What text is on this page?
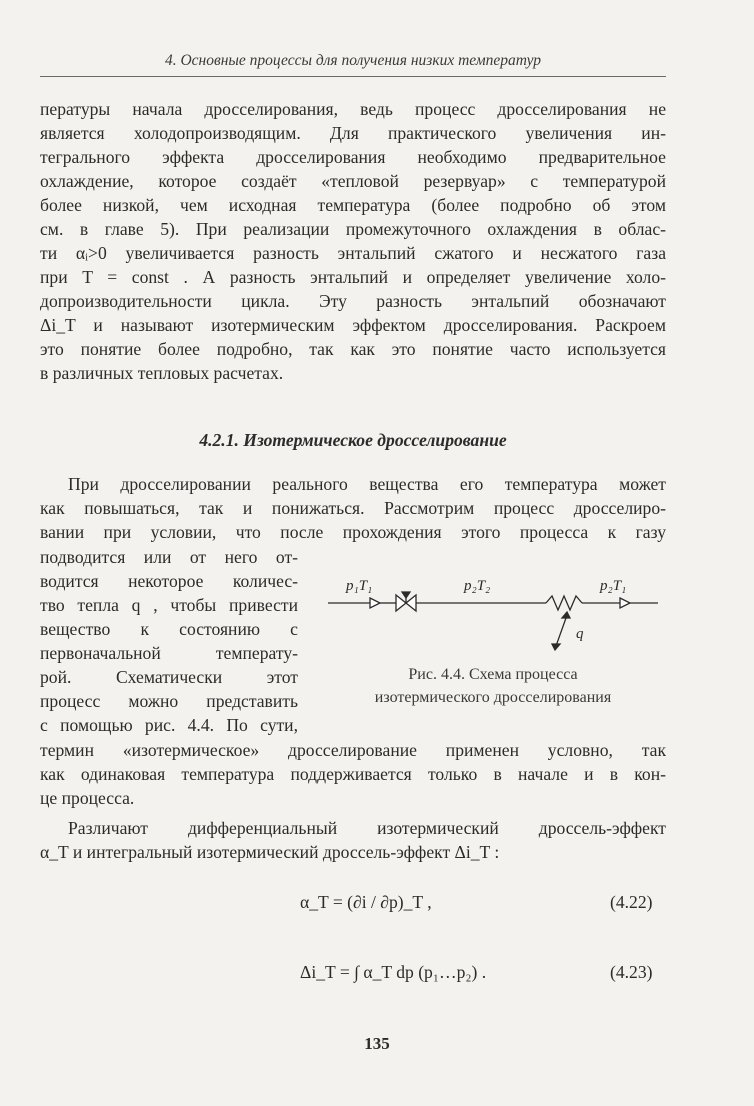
4. Основные процессы для получения низких температур
пературы начала дросселирования, ведь процесс дросселирования не
является холодопроизводящим. Для практического увеличения ин-
тегрального эффекта дросселирования необходимо предварительное
охлаждение, которое создаёт «тепловой резервуар» с температурой
более низкой, чем исходная температура (более подробно об этом
см. в главе 5). При реализации промежуточного охлаждения в облас-
ти αᵢ>0 увеличивается разность энтальпий сжатого и несжатого газа
при T = const . А разность энтальпий и определяет увеличение холо-
допроизводительности цикла. Эту разность энтальпий обозначают
Δi_T и называют изотермическим эффектом дросселирования. Раскроем
это понятие более подробно, так как это понятие часто используется
в различных тепловых расчетах.
4.2.1. Изотермическое дросселирование
При дросселировании реального вещества его температура может
как повышаться, так и понижаться. Рассмотрим процесс дросселиро-
вании при условии, что после прохождения этого процесса к газу
подводится или от него от-
водится некоторое количес-
тво тепла q , чтобы привести
вещество к состоянию с
первоначальной температу-
рой. Схематически этот
процесс можно представить
с помощью рис. 4.4. По сути,
термин «изотермическое» дросселирование применен условно, так
как одинаковая температура поддерживается только в начале и в кон-
це процесса.
p₁T₁	p₂T₂	p₂T₁
q
Рис. 4.4. Схема процесса
изотермического дросселирования
Различают дифференциальный изотермический дроссель-эффект
α_T и интегральный изотермический дроссель-эффект Δi_T :
α_T = (∂i / ∂p)_T ,	(4.22)
Δi_T = ∫ α_T dp (p₁…p₂) .	(4.23)
135
